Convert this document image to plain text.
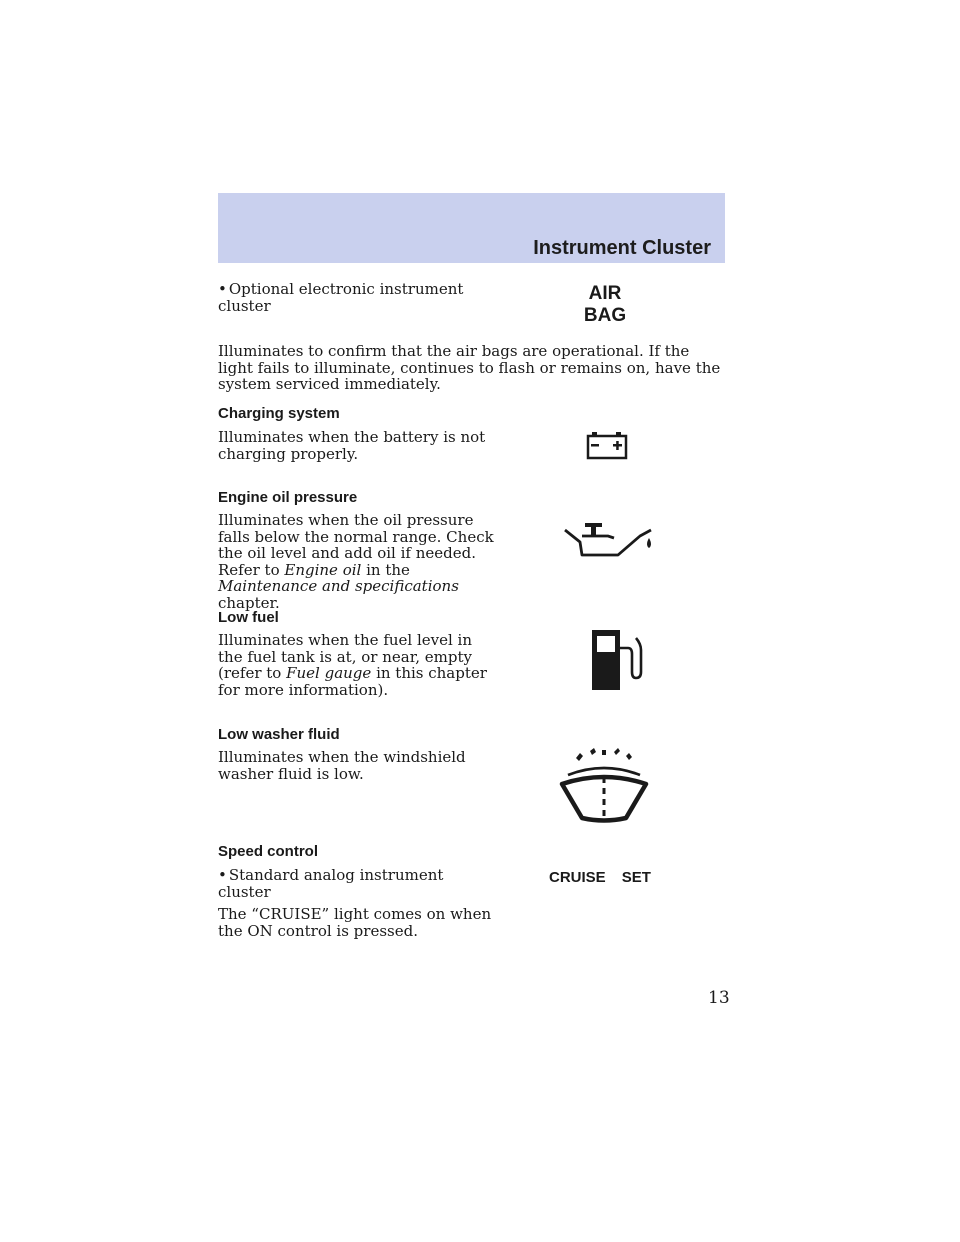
Instrument Cluster
• Optional electronic instrument cluster
AIR
BAG
Illuminates to confirm that the air bags are operational. If the light fails to illuminate, continues to flash or remains on, have the system serviced immediately.
Charging system
Illuminates when the battery is not charging properly.
Engine oil pressure
Illuminates when the oil pressure falls below the normal range. Check the oil level and add oil if needed. Refer to Engine oil in the Maintenance and specifications chapter.
Low fuel
Illuminates when the fuel level in the fuel tank is at, or near, empty (refer to Fuel gauge in this chapter for more information).
Low washer fluid
Illuminates when the windshield washer fluid is low.
Speed control
• Standard analog instrument cluster
CRUISE SET
The “CRUISE” light comes on when the ON control is pressed.
13
